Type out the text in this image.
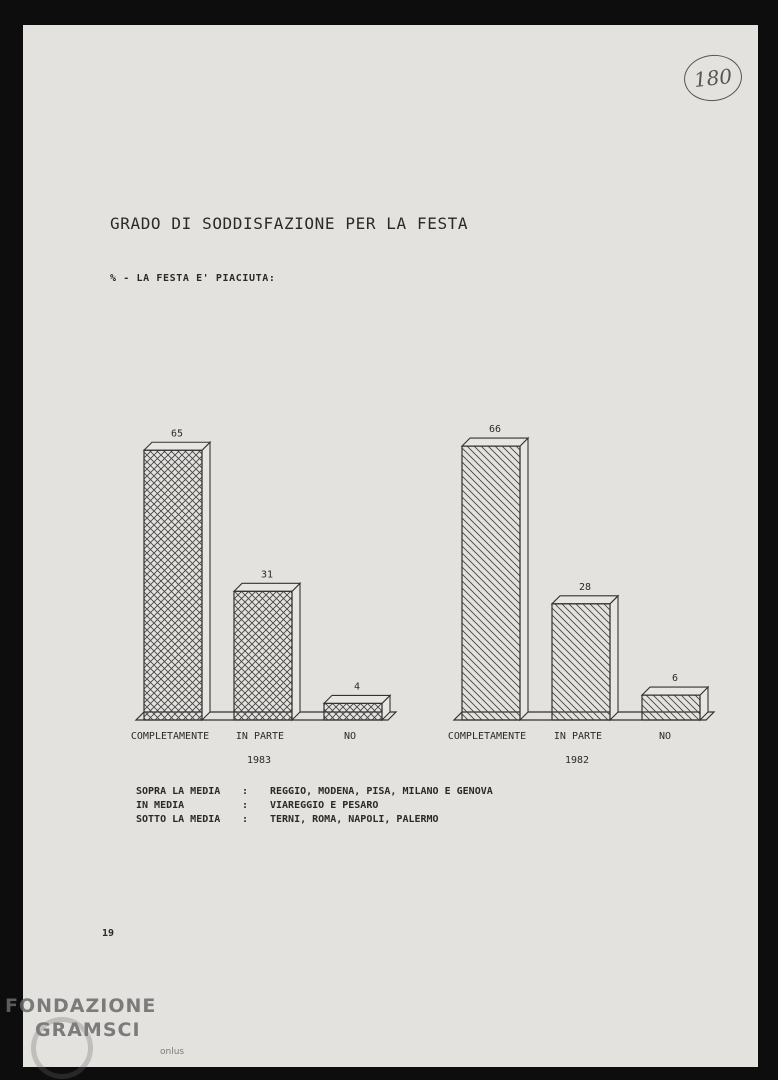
180
GRADO DI SODDISFAZIONE PER LA FESTA
% - LA FESTA E' PIACIUTA:
65
COMPLETAMENTE
31
IN PARTE
4
NO
1983
66
COMPLETAMENTE
28
IN PARTE
6
NO
1982
SOPRA LA MEDIA : REGGIO, MODENA, PISA, MILANO E GENOVA
IN MEDIA	: VIAREGGIO E PESARO
SOTTO LA MEDIA : TERNI, ROMA, NAPOLI, PALERMO
19
FONDAZIONE
GRAMSCI
onlus
